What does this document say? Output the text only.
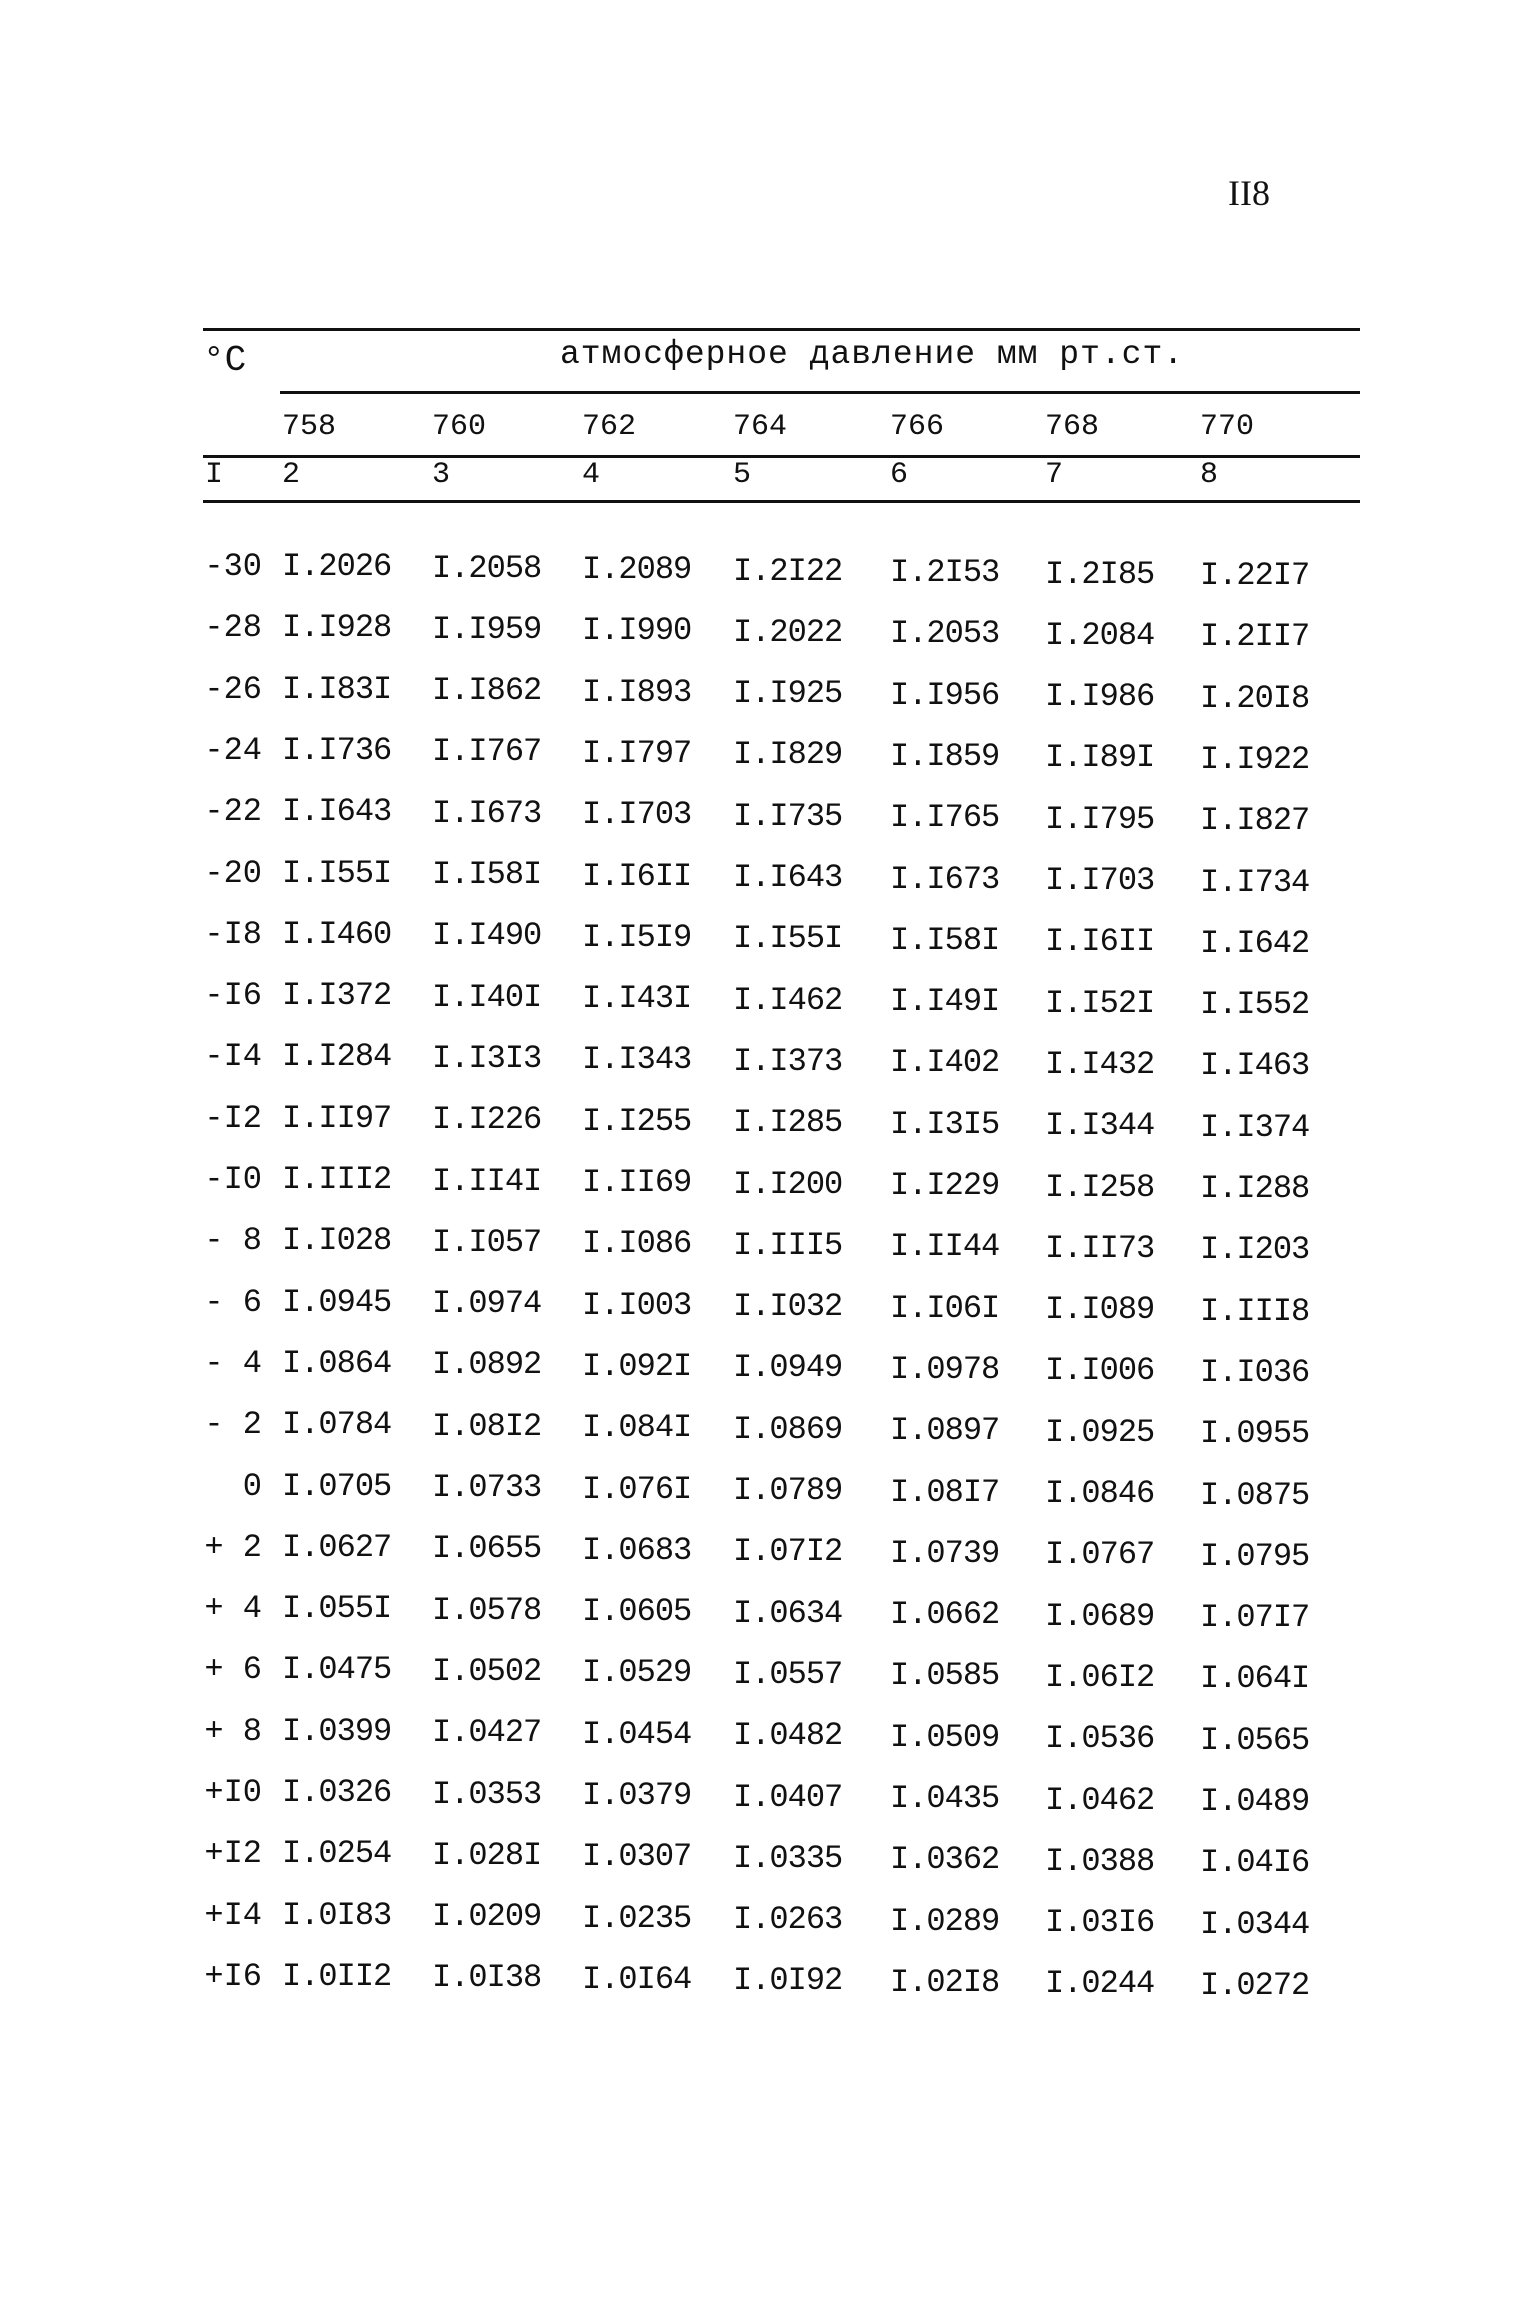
II8
°C	атмосферное давление мм рт.ст.
758	760	762	764	766	768	770
I 2	3	4	5	6	7	8
-30 I.2026 I.2058 I.2089 I.2I22 I.2I53 I.2I85 I.22I7
-28 I.I928 I.I959 I.I990 I.2022 I.2053 I.2084 I.2II7
-26 I.I83I I.I862 I.I893 I.I925 I.I956 I.I986 I.20I8
-24 I.I736 I.I767 I.I797 I.I829 I.I859 I.I89I I.I922
-22 I.I643 I.I673 I.I703 I.I735 I.I765 I.I795 I.I827
-20 I.I55I I.I58I I.I6II I.I643 I.I673 I.I703 I.I734
-I8 I.I460 I.I490 I.I5I9 I.I55I I.I58I I.I6II I.I642
-I6 I.I372 I.I40I I.I43I I.I462 I.I49I I.I52I I.I552
-I4 I.I284 I.I3I3 I.I343 I.I373 I.I402 I.I432 I.I463
-I2 I.II97 I.I226 I.I255 I.I285 I.I3I5 I.I344 I.I374
-I0 I.III2 I.II4I I.II69 I.I200 I.I229 I.I258 I.I288
- 8 I.I028 I.I057 I.I086 I.III5 I.II44 I.II73 I.I203
- 6 I.0945 I.0974 I.I003 I.I032 I.I06I I.I089 I.III8
- 4 I.0864 I.0892 I.092I I.0949 I.0978 I.I006 I.I036
- 2 I.0784 I.08I2 I.084I I.0869 I.0897 I.0925 I.0955
0 I.0705 I.0733 I.076I I.0789 I.08I7 I.0846 I.0875
+ 2 I.0627 I.0655 I.0683 I.07I2 I.0739 I.0767 I.0795
+ 4 I.055I I.0578 I.0605 I.0634 I.0662 I.0689 I.07I7
+ 6 I.0475 I.0502 I.0529 I.0557 I.0585 I.06I2 I.064I
+ 8 I.0399 I.0427 I.0454 I.0482 I.0509 I.0536 I.0565
+I0 I.0326 I.0353 I.0379 I.0407 I.0435 I.0462 I.0489
+I2 I.0254 I.028I I.0307 I.0335 I.0362 I.0388 I.04I6
+I4 I.0I83 I.0209 I.0235 I.0263 I.0289 I.03I6 I.0344
+I6 I.0II2 I.0I38 I.0I64 I.0I92 I.02I8 I.0244 I.0272
